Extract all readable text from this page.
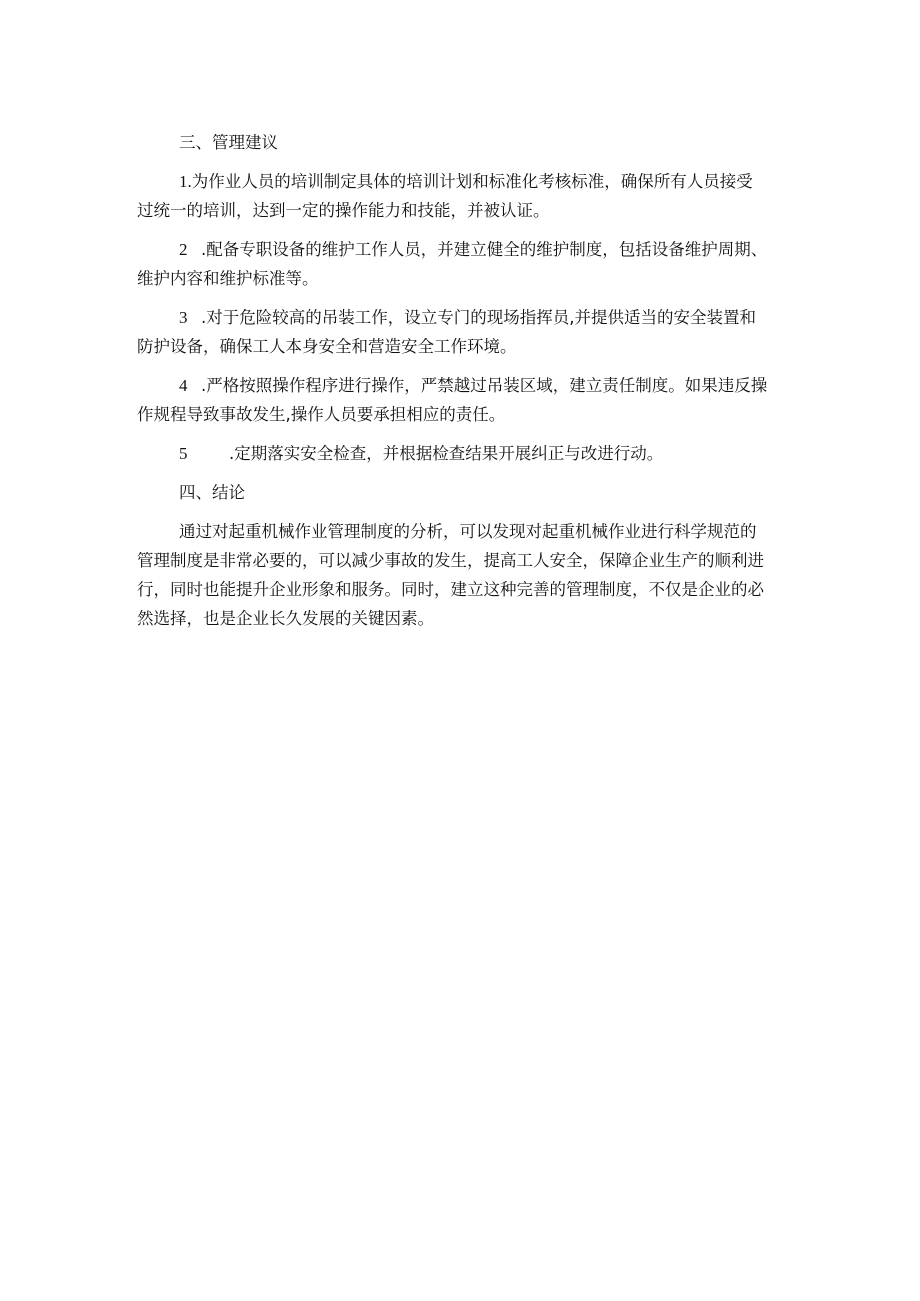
三、管理建议
1.为作业人员的培训制定具体的培训计划和标准化考核标准，确保所有人员接受
过统一的培训，达到一定的操作能力和技能，并被认证。
2 .配备专职设备的维护工作人员，并建立健全的维护制度，包括设备维护周期、
维护内容和维护标准等。
3 .对于危险较高的吊装工作，设立专门的现场指挥员,并提供适当的安全装置和
防护设备，确保工人本身安全和营造安全工作环境。
4 .严格按照操作程序进行操作，严禁越过吊装区域，建立责任制度。如果违反操
作规程导致事故发生,操作人员要承担相应的责任。
5	.定期落实安全检查，并根据检查结果开展纠正与改进行动。
四、结论
通过对起重机械作业管理制度的分析，可以发现对起重机械作业进行科学规范的
管理制度是非常必要的，可以减少事故的发生，提高工人安全，保障企业生产的顺利进
行，同时也能提升企业形象和服务。同时，建立这种完善的管理制度，不仅是企业的必
然选择，也是企业长久发展的关键因素。
